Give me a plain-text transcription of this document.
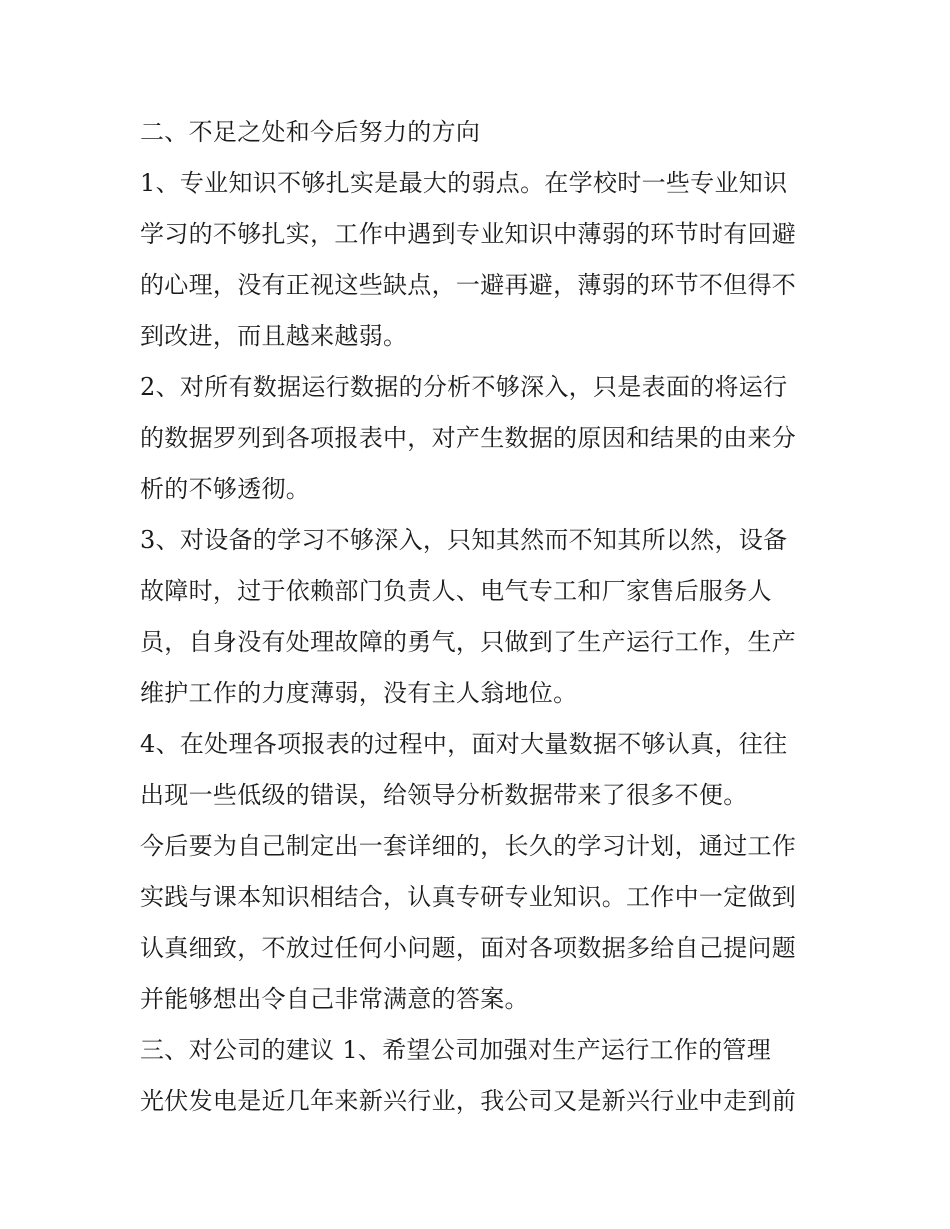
二、不足之处和今后努力的方向
1、专业知识不够扎实是最大的弱点。在学校时一些专业知识
学习的不够扎实，工作中遇到专业知识中薄弱的环节时有回避
的心理，没有正视这些缺点，一避再避，薄弱的环节不但得不
到改进，而且越来越弱。
2、对所有数据运行数据的分析不够深入，只是表面的将运行
的数据罗列到各项报表中，对产生数据的原因和结果的由来分
析的不够透彻。
3、对设备的学习不够深入，只知其然而不知其所以然，设备
故障时，过于依赖部门负责人、电气专工和厂家售后服务人
员，自身没有处理故障的勇气，只做到了生产运行工作，生产
维护工作的力度薄弱，没有主人翁地位。
4、在处理各项报表的过程中，面对大量数据不够认真，往往
出现一些低级的错误，给领导分析数据带来了很多不便。
今后要为自己制定出一套详细的，长久的学习计划，通过工作
实践与课本知识相结合，认真专研专业知识。工作中一定做到
认真细致，不放过任何小问题，面对各项数据多给自己提问题
并能够想出令自己非常满意的答案。
三、对公司的建议 1、希望公司加强对生产运行工作的管理
光伏发电是近几年来新兴行业，我公司又是新兴行业中走到前
